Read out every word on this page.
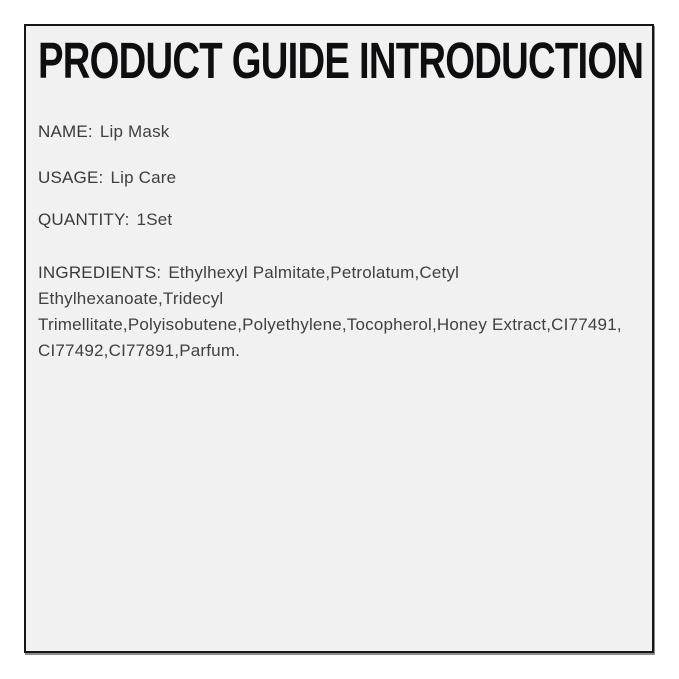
PRODUCT GUIDE INTRODUCTION

NAME: Lip Mask

USAGE: Lip Care

QUANTITY: 1Set

INGREDIENTS: Ethylhexyl Palmitate,Petrolatum,Cetyl Ethylhexanoate,Tridecyl Trimellitate,Polyisobutene,Polyethylene,Tocopherol,Honey Extract,CI77491, CI77492,CI77891,Parfum.
